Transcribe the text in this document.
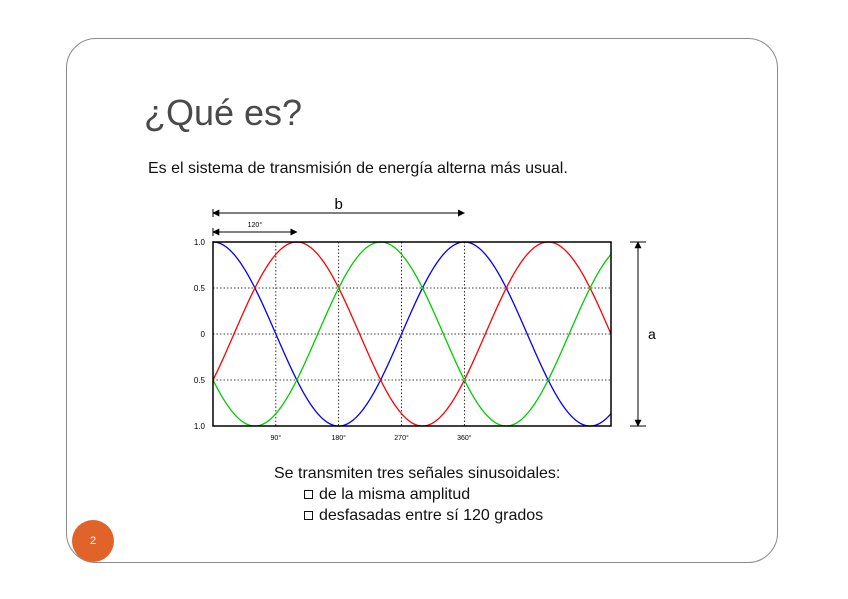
¿Qué es?
Es el sistema de transmisión de energía alterna más usual.
1.0
0.5
0
0.5
1.0
90°	180°	270°	360°
b
120°
a
Se transmiten tres señales sinusoidales:
de la misma amplitud
desfasadas entre sí 120 grados
2
